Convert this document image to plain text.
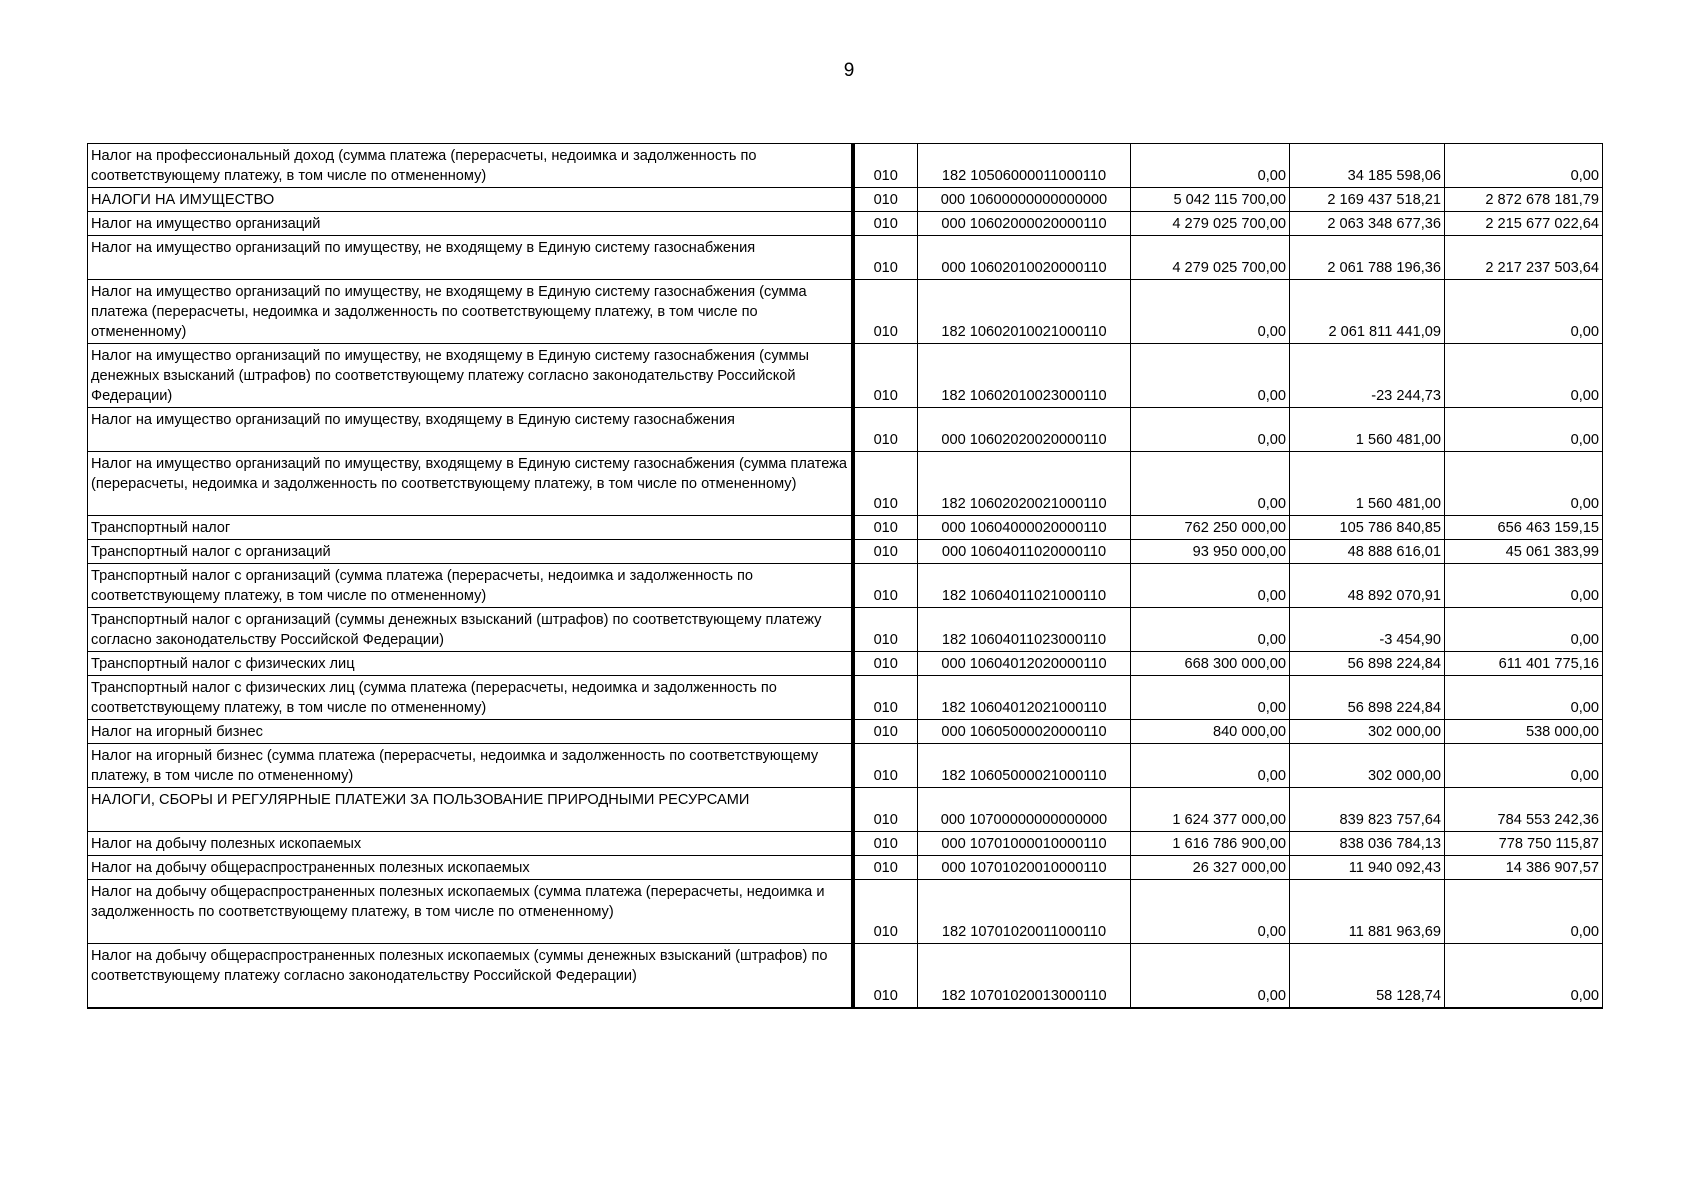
9
Налог на профессиональный доход (сумма платежа (перерасчеты, недоимка и задолженность по соответствующему платежу, в том числе по отмененному)	010	182 10506000011000110	0,00	34 185 598,06	0,00
НАЛОГИ НА ИМУЩЕСТВО	010	000 10600000000000000	5 042 115 700,00	2 169 437 518,21	2 872 678 181,79
Налог на имущество организаций	010	000 10602000020000110	4 279 025 700,00	2 063 348 677,36	2 215 677 022,64
Налог на имущество организаций по имуществу, не входящему в Единую систему газоснабжения	010	000 10602010020000110	4 279 025 700,00	2 061 788 196,36	2 217 237 503,64
Налог на имущество организаций по имуществу, не входящему в Единую систему газоснабжения (сумма платежа (перерасчеты, недоимка и задолженность по соответствующему платежу, в том числе по отмененному)	010	182 10602010021000110	0,00	2 061 811 441,09	0,00
Налог на имущество организаций по имуществу, не входящему в Единую систему газоснабжения (суммы денежных взысканий (штрафов) по соответствующему платежу согласно законодательству Российской Федерации)	010	182 10602010023000110	0,00	-23 244,73	0,00
Налог на имущество организаций по имуществу, входящему в Единую систему газоснабжения	010	000 10602020020000110	0,00	1 560 481,00	0,00
Налог на имущество организаций по имуществу, входящему в Единую систему газоснабжения (сумма платежа (перерасчеты, недоимка и задолженность по соответствующему платежу, в том числе по отмененному)	010	182 10602020021000110	0,00	1 560 481,00	0,00
Транспортный налог	010	000 10604000020000110	762 250 000,00	105 786 840,85	656 463 159,15
Транспортный налог с организаций	010	000 10604011020000110	93 950 000,00	48 888 616,01	45 061 383,99
Транспортный налог с организаций (сумма платежа (перерасчеты, недоимка и задолженность по соответствующему платежу, в том числе по отмененному)	010	182 10604011021000110	0,00	48 892 070,91	0,00
Транспортный налог с организаций (суммы денежных взысканий (штрафов) по соответствующему платежу согласно законодательству Российской Федерации)	010	182 10604011023000110	0,00	-3 454,90	0,00
Транспортный налог с физических лиц	010	000 10604012020000110	668 300 000,00	56 898 224,84	611 401 775,16
Транспортный налог с физических лиц (сумма платежа (перерасчеты, недоимка и задолженность по соответствующему платежу, в том числе по отмененному)	010	182 10604012021000110	0,00	56 898 224,84	0,00
Налог на игорный бизнес	010	000 10605000020000110	840 000,00	302 000,00	538 000,00
Налог на игорный бизнес (сумма платежа (перерасчеты, недоимка и задолженность по соответствующему платежу, в том числе по отмененному)	010	182 10605000021000110	0,00	302 000,00	0,00
НАЛОГИ, СБОРЫ И РЕГУЛЯРНЫЕ ПЛАТЕЖИ ЗА ПОЛЬЗОВАНИЕ ПРИРОДНЫМИ РЕСУРСАМИ	010	000 10700000000000000	1 624 377 000,00	839 823 757,64	784 553 242,36
Налог на добычу полезных ископаемых	010	000 10701000010000110	1 616 786 900,00	838 036 784,13	778 750 115,87
Налог на добычу общераспространенных полезных ископаемых	010	000 10701020010000110	26 327 000,00	11 940 092,43	14 386 907,57
Налог на добычу общераспространенных полезных ископаемых (сумма платежа (перерасчеты, недоимка и задолженность по соответствующему платежу, в том числе по отмененному)	010	182 10701020011000110	0,00	11 881 963,69	0,00
Налог на добычу общераспространенных полезных ископаемых (суммы денежных взысканий (штрафов) по соответствующему платежу согласно законодательству Российской Федерации)	010	182 10701020013000110	0,00	58 128,74	0,00
